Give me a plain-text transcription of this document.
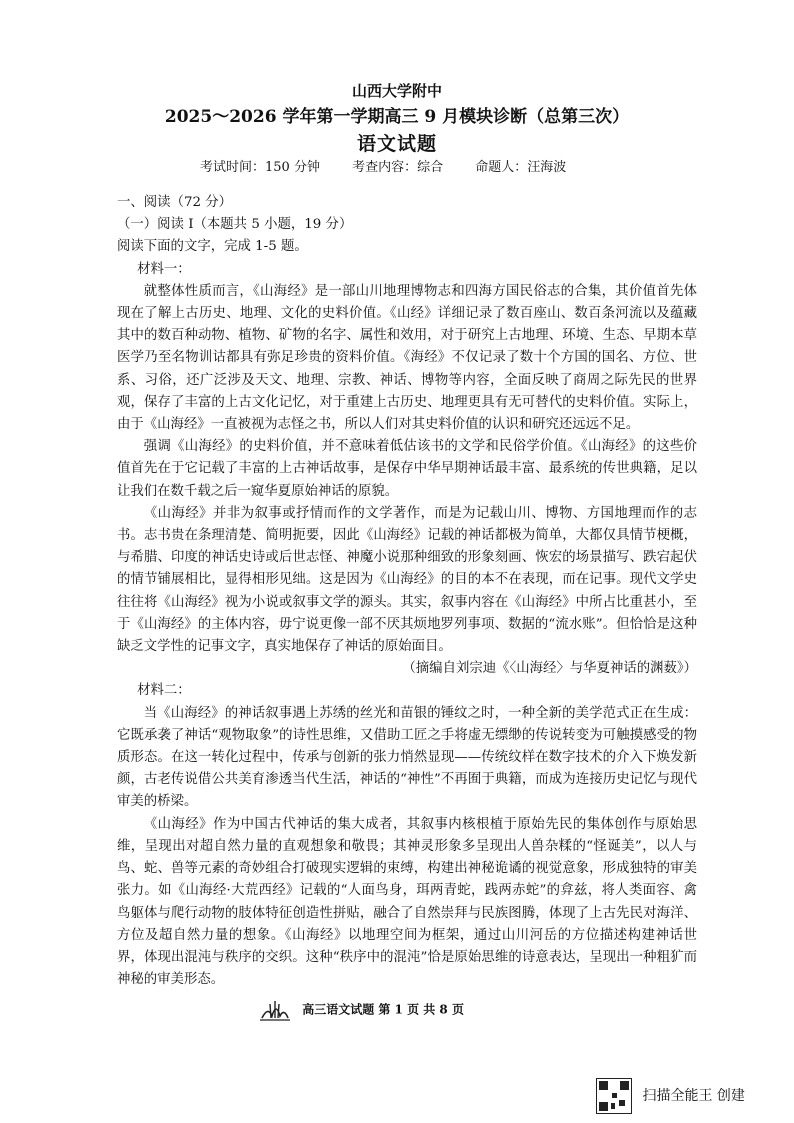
山西大学附中
2025～2026 学年第一学期高三 9 月模块诊断（总第三次）
语文试题
考试时间：150 分钟 考查内容：综合 命题人：汪海波

一、阅读（72 分）

（一）阅读 I（本题共 5 小题，19 分）

阅读下面的文字，完成 1-5 题。

材料一：

就整体性质而言，《山海经》是一部山川地理博物志和四海方国民俗志的合集，其价值首先体现在了解上古历史、地理、文化的史料价值。《山经》详细记录了数百座山、数百条河流以及蕴藏其中的数百种动物、植物、矿物的名字、属性和效用，对于研究上古地理、环境、生态、早期本草医学乃至名物训诂都具有弥足珍贵的资料价值。《海经》不仅记录了数十个方国的国名、方位、世系、习俗，还广泛涉及天文、地理、宗教、神话、博物等内容，全面反映了商周之际先民的世界观，保存了丰富的上古文化记忆，对于重建上古历史、地理更具有无可替代的史料价值。实际上，由于《山海经》一直被视为志怪之书，所以人们对其史料价值的认识和研究还远远不足。

强调《山海经》的史料价值，并不意味着低估该书的文学和民俗学价值。《山海经》的这些价值首先在于它记载了丰富的上古神话故事，是保存中华早期神话最丰富、最系统的传世典籍，足以让我们在数千载之后一窥华夏原始神话的原貌。

《山海经》并非为叙事或抒情而作的文学著作，而是为记载山川、博物、方国地理而作的志书。志书贵在条理清楚、简明扼要，因此《山海经》记载的神话都极为简单，大都仅具情节梗概，与希腊、印度的神话史诗或后世志怪、神魔小说那种细致的形象刻画、恢宏的场景描写、跌宕起伏的情节铺展相比，显得相形见绌。这是因为《山海经》的目的本不在表现，而在记事。现代文学史往往将《山海经》视为小说或叙事文学的源头。其实，叙事内容在《山海经》中所占比重甚小，至于《山海经》的主体内容，毋宁说更像一部不厌其烦地罗列事项、数据的“流水账”。但恰恰是这种缺乏文学性的记事文字，真实地保存了神话的原始面目。

（摘编自刘宗迪《〈山海经〉与华夏神话的渊薮》）

材料二：

当《山海经》的神话叙事遇上苏绣的丝光和苗银的锤纹之时，一种全新的美学范式正在生成：它既承袭了神话“观物取象”的诗性思维，又借助工匠之手将虚无缥缈的传说转变为可触摸感受的物质形态。在这一转化过程中，传承与创新的张力悄然显现——传统纹样在数字技术的介入下焕发新颜，古老传说借公共美育渗透当代生活，神话的“神性”不再囿于典籍，而成为连接历史记忆与现代审美的桥梁。

《山海经》作为中国古代神话的集大成者，其叙事内核根植于原始先民的集体创作与原始思维，呈现出对超自然力量的直观想象和敬畏；其神灵形象多呈现出人兽杂糅的“怪诞美”，以人与鸟、蛇、兽等元素的奇妙组合打破现实逻辑的束缚，构建出神秘诡谲的视觉意象，形成独特的审美张力。如《山海经·大荒西经》记载的“人面鸟身，珥两青蛇，践两赤蛇”的弇兹，将人类面容、禽鸟躯体与爬行动物的肢体特征创造性拼贴，融合了自然崇拜与民族图腾，体现了上古先民对海洋、方位及超自然力量的想象。《山海经》以地理空间为框架，通过山川河岳的方位描述构建神话世界，体现出混沌与秩序的交织。这种“秩序中的混沌”恰是原始思维的诗意表达，呈现出一种粗犷而神秘的审美形态。

高三语文试题 第 1 页 共 8 页
扫描全能王 创建
